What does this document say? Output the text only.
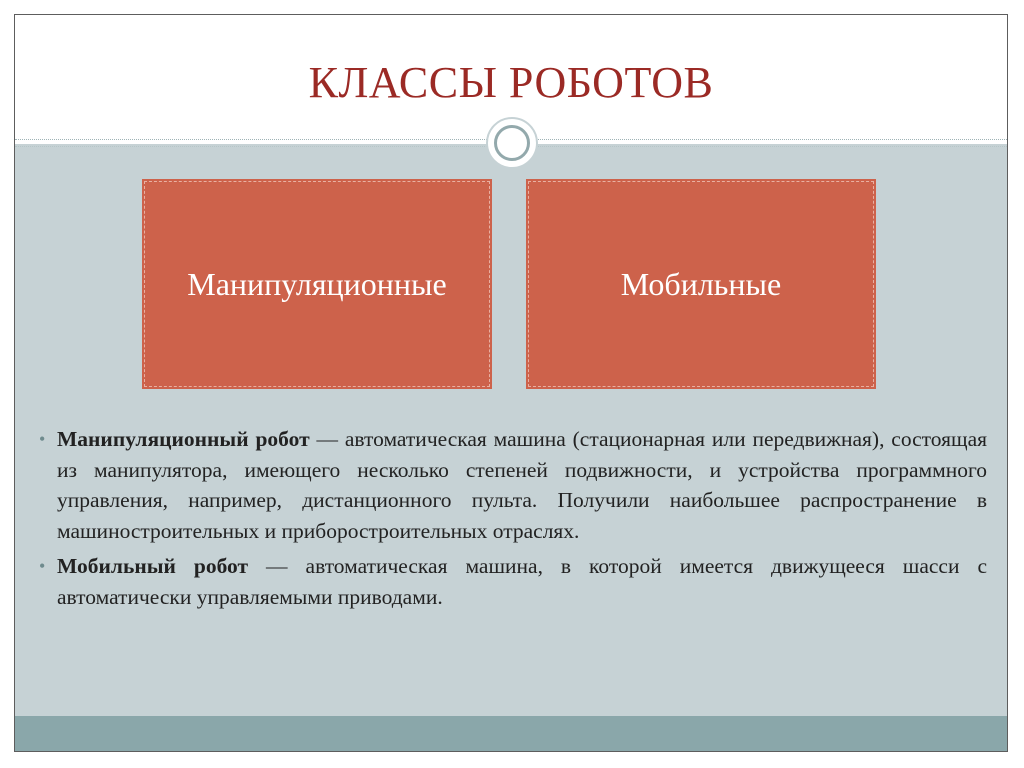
КЛАССЫ РОБОТОВ
Манипуляционные	Мобильные
• Манипуляционный робот — автоматическая машина (стационарная или передвижная), состоящая из манипулятора, имеющего несколько степеней подвижности, и устройства программного управления, например, дистанционного пульта. Получили наибольшее распространение в машиностроительных и приборостроительных отраслях.
• Мобильный робот — автоматическая машина, в которой имеется движущееся шасси с автоматически управляемыми приводами.
